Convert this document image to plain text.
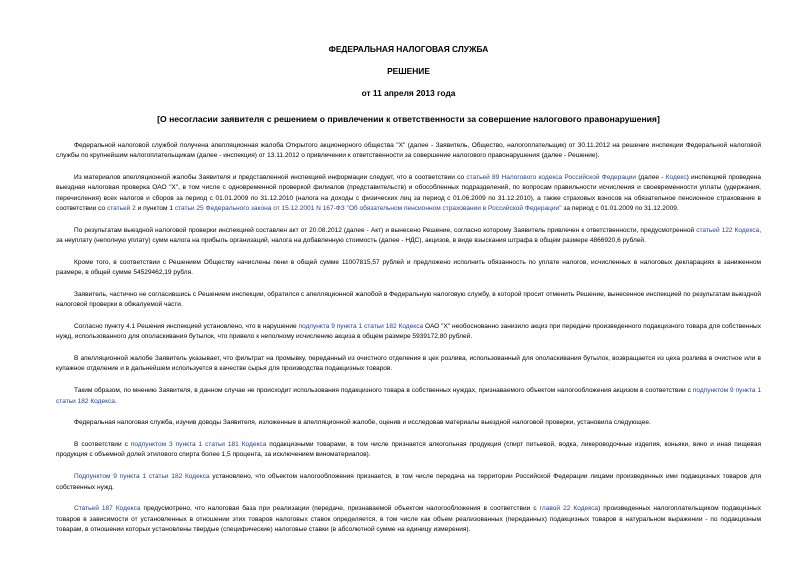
ФЕДЕРАЛЬНАЯ НАЛОГОВАЯ СЛУЖБА
РЕШЕНИЕ
от 11 апреля 2013 года
[О несогласии заявителя с решением о привлечении к ответственности за совершение налогового правонарушения]

Федеральной налоговой службой получена апелляционная жалоба Открытого акционерного общества "X" (далее - Заявитель, Общество, налогоплательщик) от 30.11.2012 на решение инспекции Федеральной налоговой службы по крупнейшим налогоплательщикам (далее - инспекция) от 13.11.2012 о привлечении к ответственности за совершение налогового правонарушения (далее - Решение).

Из материалов апелляционной жалобы Заявителя и представленной инспекцией информации следует, что в соответствии со статьей 89 Налогового кодекса Российской Федерации (далее - Кодекс) инспекцией проведена выездная налоговая проверка ОАО "X", в том числе с одновременной проверкой филиалов (представительств) и обособленных подразделений, по вопросам правильности исчисления и своевременности уплаты (удержания, перечисления) всех налогов и сборов за период с 01.01.2009 по 31.12.2010 (налога на доходы с физических лиц за период с 01.06.2009 по 31.12.2010), а также страховых взносов на обязательное пенсионное страхование в соответствии со статьей 2 и пунктом 1 статьи 25 Федерального закона от 15.12.2001 N 167-ФЗ "Об обязательном пенсионном страховании в Российской Федерации" за период с 01.01.2009 по 31.12.2009.

По результатам выездной налоговой проверки инспекцией составлен акт от 20.08.2012 (далее - Акт) и вынесено Решение, согласно которому Заявитель привлечен к ответственности, предусмотренной статьей 122 Кодекса, за неуплату (неполную уплату) сумм налога на прибыль организаций, налога на добавленную стоимость (далее - НДС), акцизов, в виде взыскания штрафа в общем размере 4866920,6 рублей.

Кроме того, в соответствии с Решением Обществу начислены пени в общей сумме 11007815,57 рублей и предложено исполнить обязанность по уплате налогов, исчисленных в налоговых декларациях в заниженном размере, в общей сумме 54529462,19 рубля.

Заявитель, частично не согласившись с Решением инспекции, обратился с апелляционной жалобой в Федеральную налоговую службу, в которой просит отменить Решение, вынесенное инспекцией по результатам выездной налоговой проверки в обжалуемой части.

Согласно пункту 4.1 Решения инспекцией установлено, что в нарушение подпункта 9 пункта 1 статьи 182 Кодекса ОАО "X" необоснованно занизило акциз при передаче произведенного подакцизного товара для собственных нужд, использованного для ополаскивания бутылок, что привело к неполному исчислению акциза в общем размере 5939172,80 рублей.

В апелляционной жалобе Заявитель указывает, что фильтрат на промывку, переданный из очистного отделения в цех розлива, использованный для ополаскивания бутылок, возвращается из цеха розлива в очистное или в купажное отделение и в дальнейшем используется в качестве сырья для производства подакцизных товаров.

Таким образом, по мнению Заявителя, в данном случае не происходит использования подакцизного товара в собственных нуждах, признаваемого объектом налогообложения акцизом в соответствии с подпунктом 9 пункта 1 статьи 182 Кодекса.

Федеральная налоговая служба, изучив доводы Заявителя, изложенные в апелляционной жалобе, оценив и исследовав материалы выездной налоговой проверки, установила следующее.

В соответствии с подпунктом 3 пункта 1 статьи 181 Кодекса подакцизными товарами, в том числе признается алкогольная продукция (спирт питьевой, водка, ликероводочные изделия, коньяки, вино и иная пищевая продукция с объемной долей этилового спирта более 1,5 процента, за исключением виноматериалов).

Подпунктом 9 пункта 1 статьи 182 Кодекса установлено, что объектом налогообложения признается, в том числе передача на территории Российской Федерации лицами произведенных ими подакцизных товаров для собственных нужд.

Статьей 187 Кодекса предусмотрено, что налоговая база при реализации (передаче, признаваемой объектом налогообложения в соответствии с главой 22 Кодекса) произведенных налогоплательщиком подакцизных товаров в зависимости от установленных в отношении этих товаров налоговых ставок определяется, в том числе как объем реализованных (переданных) подакцизных товаров в натуральном выражении - по подакцизным товарам, в отношении которых установлены твердые (специфические) налоговые ставки (в абсолютной сумме на единицу измерения).
